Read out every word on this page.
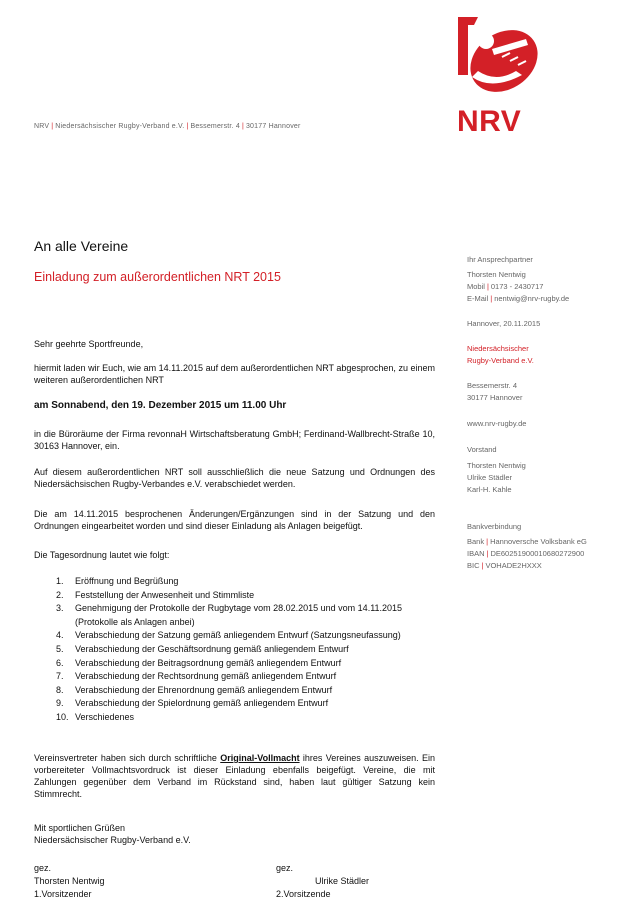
NRV | Niedersächsischer Rugby-Verband e.V. | Bessemerstr. 4 | 30177 Hannover	NRV
An alle Vereine
Einladung zum außerordentlichen NRT 2015
Sehr geehrte Sportfreunde,
hiermit laden wir Euch, wie am 14.11.2015 auf dem außerordentlichen NRT abgesprochen, zu einem weiteren außerordentlichen NRT
am Sonnabend, den 19. Dezember 2015 um 11.00 Uhr
in die Büroräume der Firma revonnaH Wirtschaftsberatung GmbH; Ferdinand-Wallbrecht-Straße 10, 30163 Hannover, ein.
Auf diesem außerordentlichen NRT soll ausschließlich die neue Satzung und Ordnungen des Niedersächsischen Rugby-Verbandes e.V. verabschiedet werden.
Die am 14.11.2015 besprochenen Änderungen/Ergänzungen sind in der Satzung und den Ordnungen eingearbeitet worden und sind dieser Einladung als Anlagen beigefügt.
Die Tagesordnung lautet wie folgt:
1.	Eröffnung und Begrüßung
2.	Feststellung der Anwesenheit und Stimmliste
3.	Genehmigung der Protokolle der Rugbytage vom 28.02.2015 und vom 14.11.2015 (Protokolle als Anlagen anbei)
4.	Verabschiedung der Satzung gemäß anliegendem Entwurf (Satzungsneufassung)
5.	Verabschiedung der Geschäftsordnung gemäß anliegendem Entwurf
6.	Verabschiedung der Beitragsordnung gemäß anliegendem Entwurf
7.	Verabschiedung der Rechtsordnung gemäß anliegendem Entwurf
8.	Verabschiedung der Ehrenordnung gemäß anliegendem Entwurf
9.	Verabschiedung der Spielordnung gemäß anliegendem Entwurf
10. Verschiedenes
Vereinsvertreter haben sich durch schriftliche Original-Vollmacht ihres Vereines auszuweisen. Ein vorbereiteter Vollmachtsvordruck ist dieser Einladung ebenfalls beigefügt. Vereine, die mit Zahlungen gegenüber dem Verband im Rückstand sind, haben laut gültiger Satzung kein Stimmrecht.
Mit sportlichen Grüßen
Niedersächsischer Rugby-Verband e.V.
gez.
Thorsten Nentwig
1.Vorsitzender
gez.
Ulrike Städler
2.Vorsitzende
Ihr Ansprechpartner
Thorsten Nentwig
Mobil | 0173 - 2430717
E-Mail | nentwig@nrv-rugby.de
Hannover, 20.11.2015
Niedersächsischer
Rugby-Verband e.V.
Bessemerstr. 4
30177 Hannover
www.nrv-rugby.de
Vorstand
Thorsten Nentwig
Ulrike Städler
Karl-H. Kahle
Bankverbindung
Bank | Hannoversche Volksbank eG
IBAN | DE60251900010680272900
BIC | VOHADE2HXXX
